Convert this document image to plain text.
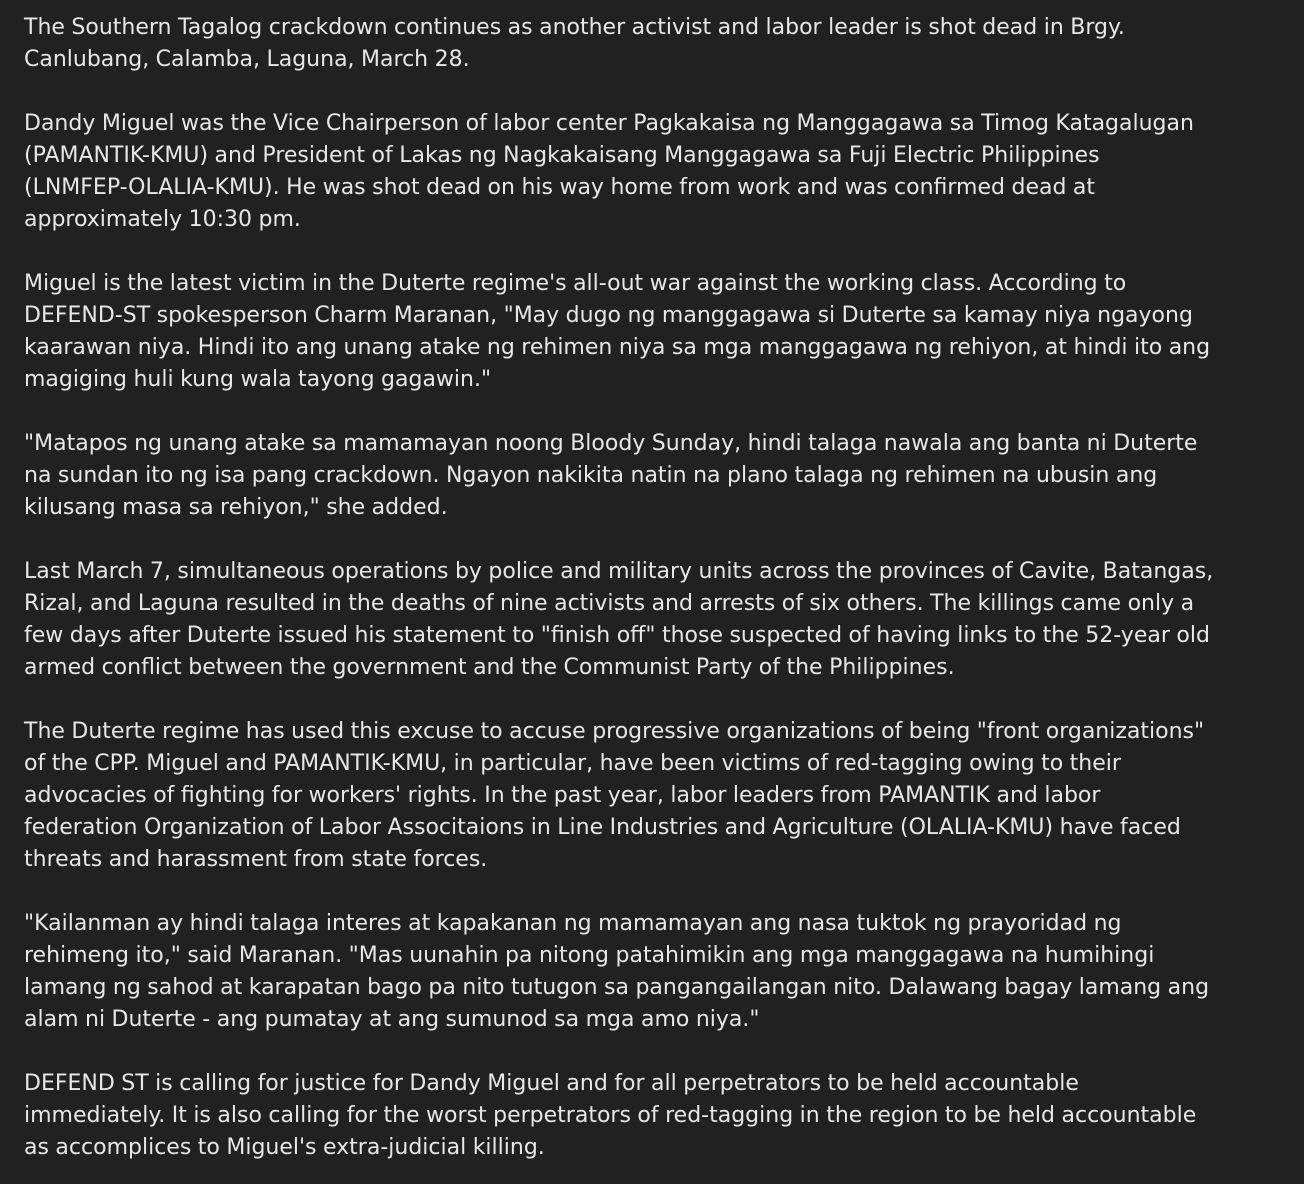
The Southern Tagalog crackdown continues as another activist and labor leader is shot dead in Brgy.
Canlubang, Calamba, Laguna, March 28.

Dandy Miguel was the Vice Chairperson of labor center Pagkakaisa ng Manggagawa sa Timog Katagalugan
(PAMANTIK-KMU) and President of Lakas ng Nagkakaisang Manggagawa sa Fuji Electric Philippines
(LNMFEP-OLALIA-KMU). He was shot dead on his way home from work and was confirmed dead at
approximately 10:30 pm.

Miguel is the latest victim in the Duterte regime's all-out war against the working class. According to
DEFEND-ST spokesperson Charm Maranan, "May dugo ng manggagawa si Duterte sa kamay niya ngayong
kaarawan niya. Hindi ito ang unang atake ng rehimen niya sa mga manggagawa ng rehiyon, at hindi ito ang
magiging huli kung wala tayong gagawin."

"Matapos ng unang atake sa mamamayan noong Bloody Sunday, hindi talaga nawala ang banta ni Duterte
na sundan ito ng isa pang crackdown. Ngayon nakikita natin na plano talaga ng rehimen na ubusin ang
kilusang masa sa rehiyon," she added.

Last March 7, simultaneous operations by police and military units across the provinces of Cavite, Batangas,
Rizal, and Laguna resulted in the deaths of nine activists and arrests of six others. The killings came only a
few days after Duterte issued his statement to "finish off" those suspected of having links to the 52-year old
armed conflict between the government and the Communist Party of the Philippines.

The Duterte regime has used this excuse to accuse progressive organizations of being "front organizations"
of the CPP. Miguel and PAMANTIK-KMU, in particular, have been victims of red-tagging owing to their
advocacies of fighting for workers' rights. In the past year, labor leaders from PAMANTIK and labor
federation Organization of Labor Associtaions in Line Industries and Agriculture (OLALIA-KMU) have faced
threats and harassment from state forces.

"Kailanman ay hindi talaga interes at kapakanan ng mamamayan ang nasa tuktok ng prayoridad ng
rehimeng ito," said Maranan. "Mas uunahin pa nitong patahimikin ang mga manggagawa na humihingi
lamang ng sahod at karapatan bago pa nito tutugon sa pangangailangan nito. Dalawang bagay lamang ang
alam ni Duterte - ang pumatay at ang sumunod sa mga amo niya."

DEFEND ST is calling for justice for Dandy Miguel and for all perpetrators to be held accountable
immediately. It is also calling for the worst perpetrators of red-tagging in the region to be held accountable
as accomplices to Miguel's extra-judicial killing.
